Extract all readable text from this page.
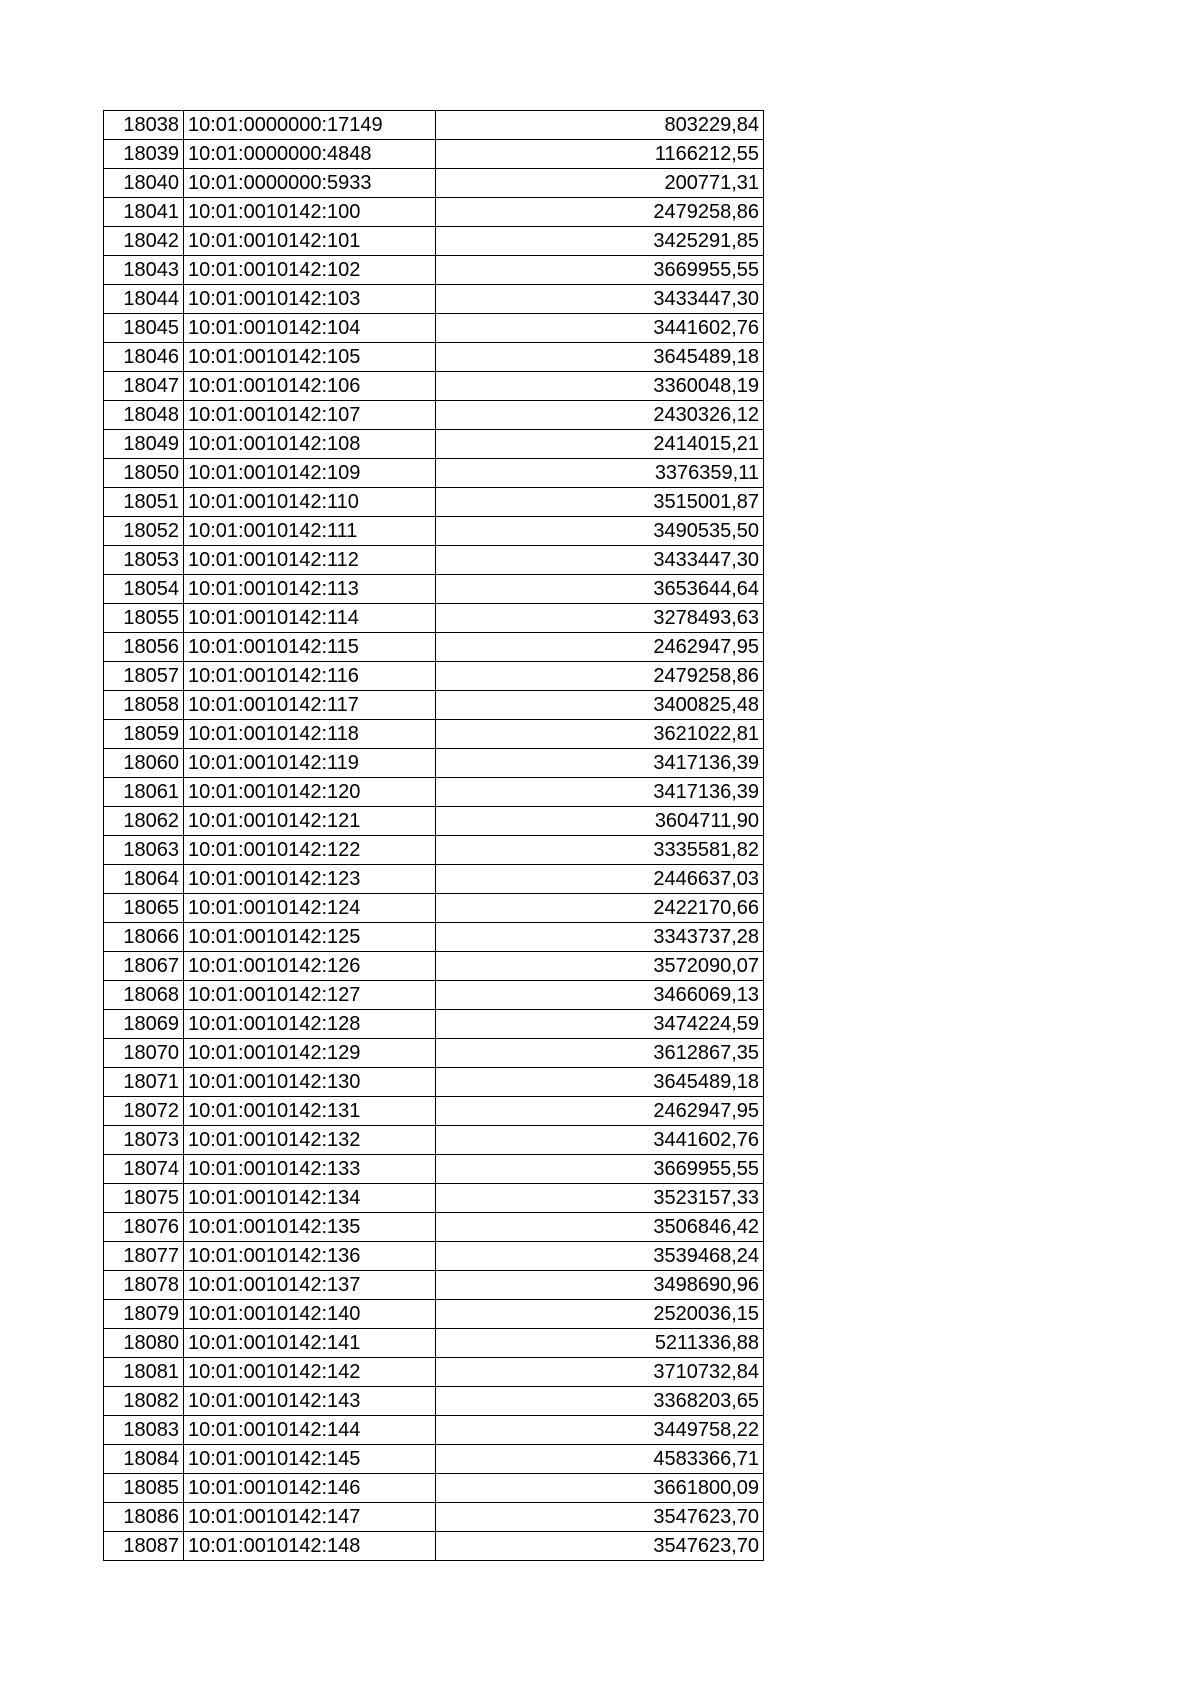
18038	10:01:0000000:17149	803229,84
18039	10:01:0000000:4848	1166212,55
18040	10:01:0000000:5933	200771,31
18041	10:01:0010142:100	2479258,86
18042	10:01:0010142:101	3425291,85
18043	10:01:0010142:102	3669955,55
18044	10:01:0010142:103	3433447,30
18045	10:01:0010142:104	3441602,76
18046	10:01:0010142:105	3645489,18
18047	10:01:0010142:106	3360048,19
18048	10:01:0010142:107	2430326,12
18049	10:01:0010142:108	2414015,21
18050	10:01:0010142:109	3376359,11
18051	10:01:0010142:110	3515001,87
18052	10:01:0010142:111	3490535,50
18053	10:01:0010142:112	3433447,30
18054	10:01:0010142:113	3653644,64
18055	10:01:0010142:114	3278493,63
18056	10:01:0010142:115	2462947,95
18057	10:01:0010142:116	2479258,86
18058	10:01:0010142:117	3400825,48
18059	10:01:0010142:118	3621022,81
18060	10:01:0010142:119	3417136,39
18061	10:01:0010142:120	3417136,39
18062	10:01:0010142:121	3604711,90
18063	10:01:0010142:122	3335581,82
18064	10:01:0010142:123	2446637,03
18065	10:01:0010142:124	2422170,66
18066	10:01:0010142:125	3343737,28
18067	10:01:0010142:126	3572090,07
18068	10:01:0010142:127	3466069,13
18069	10:01:0010142:128	3474224,59
18070	10:01:0010142:129	3612867,35
18071	10:01:0010142:130	3645489,18
18072	10:01:0010142:131	2462947,95
18073	10:01:0010142:132	3441602,76
18074	10:01:0010142:133	3669955,55
18075	10:01:0010142:134	3523157,33
18076	10:01:0010142:135	3506846,42
18077	10:01:0010142:136	3539468,24
18078	10:01:0010142:137	3498690,96
18079	10:01:0010142:140	2520036,15
18080	10:01:0010142:141	5211336,88
18081	10:01:0010142:142	3710732,84
18082	10:01:0010142:143	3368203,65
18083	10:01:0010142:144	3449758,22
18084	10:01:0010142:145	4583366,71
18085	10:01:0010142:146	3661800,09
18086	10:01:0010142:147	3547623,70
18087	10:01:0010142:148	3547623,70
